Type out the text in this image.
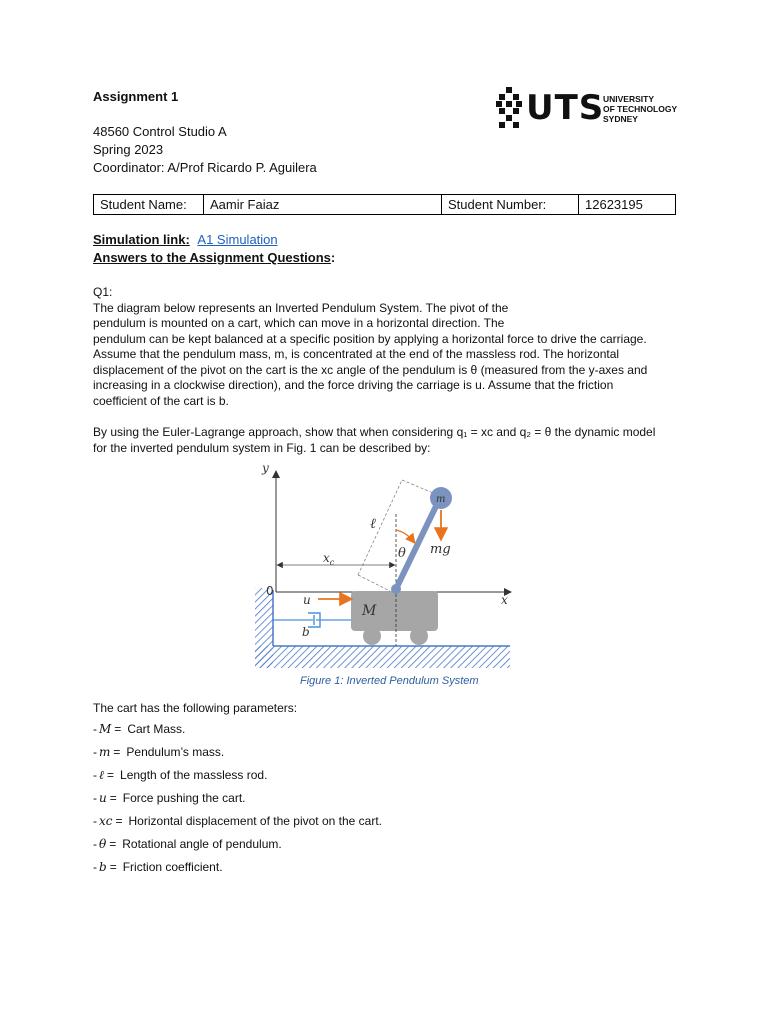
Assignment 1
48560 Control Studio A
Spring 2023
Coordinator: A/Prof Ricardo P. Aguilera
UTS
UNIVERSITY
OF TECHNOLOGY
SYDNEY
Student Name:	Aamir Faiaz	Student Number:	12623195
Simulation link: A1 Simulation
Answers to the Assignment Questions:
Q1:
The diagram below represents an Inverted Pendulum System. The pivot of the
pendulum is mounted on a cart, which can move in a horizontal direction. The
pendulum can be kept balanced at a specific position by applying a horizontal force to drive the carriage.
Assume that the pendulum mass, m, is concentrated at the end of the massless rod. The horizontal
displacement of the pivot on the cart is the xc angle of the pendulum is θ (measured from the y-axes and
increasing in a clockwise direction), and the force driving the carriage is u. Assume that the friction
coefficient of the cart is b.
By using the Euler-Lagrange approach, show that when considering q₁ = xc and q₂ = θ the dynamic model
for the inverted pendulum system in Fig. 1 can be described by:
y
x
0
$x_c$
M
ℓ
m
θ mg
u
b
Figure 1: Inverted Pendulum System
The cart has the following parameters:
- M = Cart Mass.
- m = Pendulum’s mass.
- ℓ = Length of the massless rod.
- u = Force pushing the cart.
- xc = Horizontal displacement of the pivot on the cart.
- θ = Rotational angle of pendulum.
- b = Friction coefficient.
